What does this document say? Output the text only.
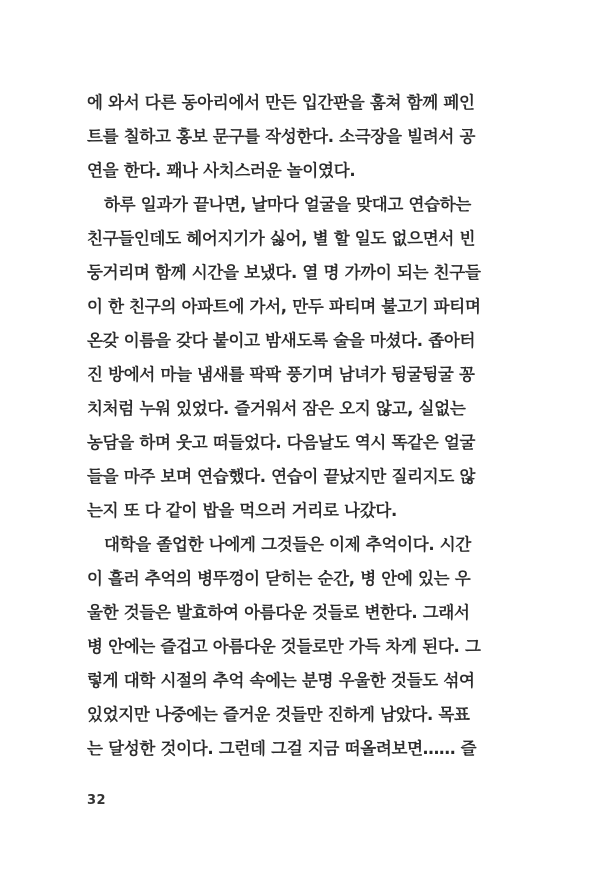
에 와서 다른 동아리에서 만든 입간판을 훔쳐 함께 페인
트를 칠하고 홍보 문구를 작성한다. 소극장을 빌려서 공
연을 한다. 꽤나 사치스러운 놀이였다.
하루 일과가 끝나면, 날마다 얼굴을 맞대고 연습하는
친구들인데도 헤어지기가 싫어, 별 할 일도 없으면서 빈
둥거리며 함께 시간을 보냈다. 열 명 가까이 되는 친구들
이 한 친구의 아파트에 가서, 만두 파티며 불고기 파티며
온갖 이름을 갖다 붙이고 밤새도록 술을 마셨다. 좁아터
진 방에서 마늘 냄새를 팍팍 풍기며 남녀가 뒹굴뒹굴 꽁
치처럼 누워 있었다. 즐거워서 잠은 오지 않고, 실없는
농담을 하며 웃고 떠들었다. 다음날도 역시 똑같은 얼굴
들을 마주 보며 연습했다. 연습이 끝났지만 질리지도 않
는지 또 다 같이 밥을 먹으러 거리로 나갔다.
대학을 졸업한 나에게 그것들은 이제 추억이다. 시간
이 흘러 추억의 병뚜껑이 닫히는 순간, 병 안에 있는 우
울한 것들은 발효하여 아름다운 것들로 변한다. 그래서
병 안에는 즐겁고 아름다운 것들로만 가득 차게 된다. 그
렇게 대학 시절의 추억 속에는 분명 우울한 것들도 섞여
있었지만 나중에는 즐거운 것들만 진하게 남았다. 목표
는 달성한 것이다. 그런데 그걸 지금 떠올려보면…… 즐
32
